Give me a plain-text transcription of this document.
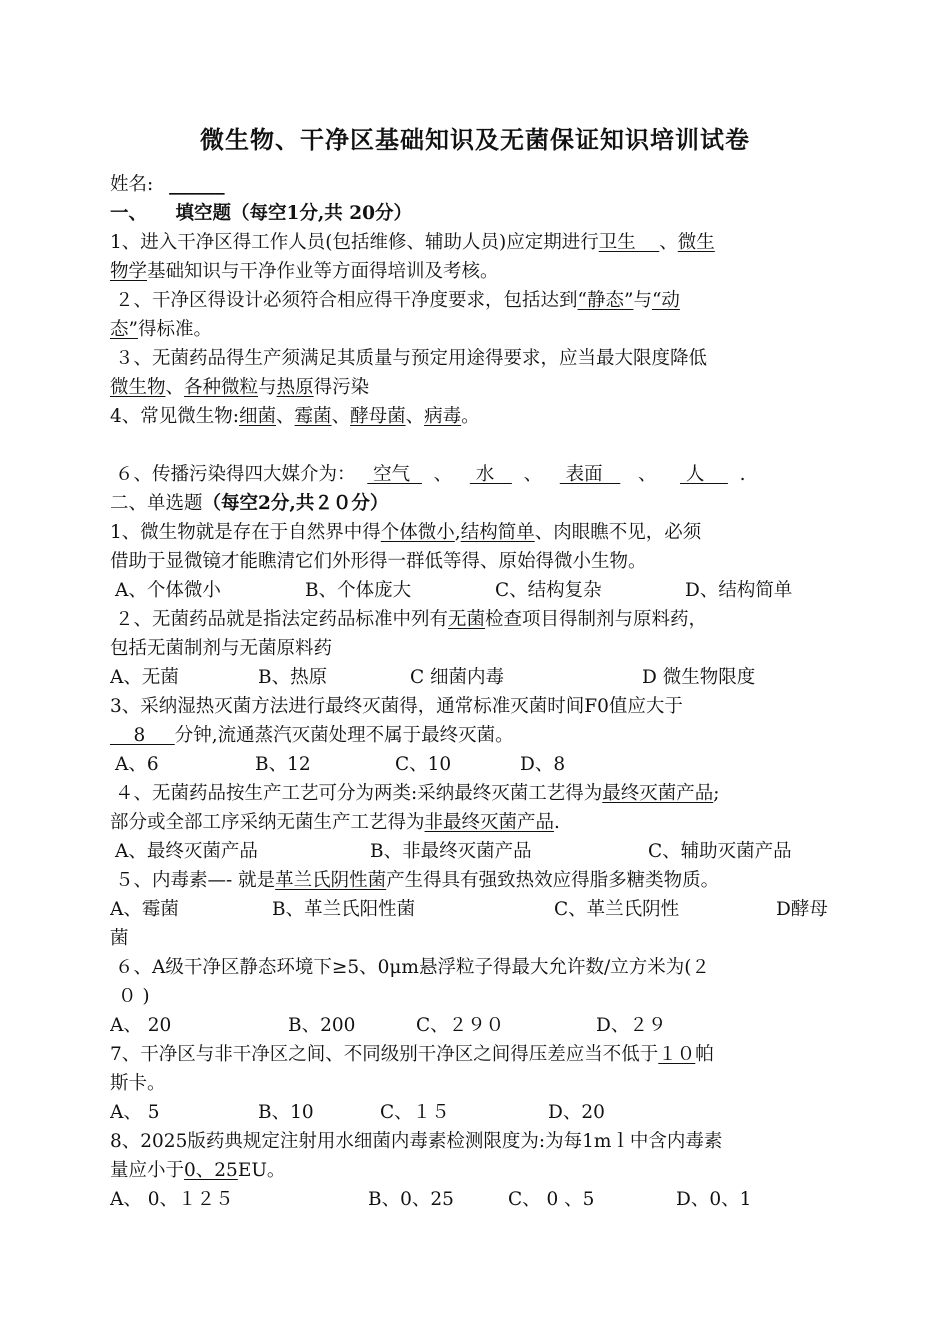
微生物、干净区基础知识及无菌保证知识培训试卷
姓名: ______
一、 填空题（每空1分,共 20分）
1、进入干净区得工作人员(包括维修、辅助人员)应定期进行卫生    、微生
物学基础知识与干净作业等方面得培训及考核。
２、干净区得设计必须符合相应得干净度要求，包括达到“静态”与“动
态”得标准。
３、无菌药品得生产须满足其质量与预定用途得要求，应当最大限度降低
微生物、各种微粒与热原得污染
4、常见微生物:细菌、霉菌、酵母菌、病毒。

６、传播污染得四大媒介为：   空气    、    水     、    表面      、     人      .
二、单选题（每空2分,共２０分）
1、微生物就是存在于自然界中得个体微小,结构简单、肉眼瞧不见，必须
借助于显微镜才能瞧清它们外形得一群低等得、原始得微小生物。
A、个体微小	B、个体庞大	C、结构复杂	D、结构简单
２、无菌药品就是指法定药品标准中列有无菌检查项目得制剂与原料药，
包括无菌制剂与无菌原料药
A、无菌	B、热原	C 细菌内毒	D 微生物限度
3、采纳湿热灭菌方法进行最终灭菌得，通常标准灭菌时间F0值应大于
8     分钟,流通蒸汽灭菌处理不属于最终灭菌。
A、6	B、12	C、10	D、8
４、无菌药品按生产工艺可分为两类:采纳最终灭菌工艺得为最终灭菌产品;
部分或全部工序采纳无菌生产工艺得为非最终灭菌产品.
A、最终灭菌产品	B、非最终灭菌产品	C、辅助灭菌产品
５、内毒素—- 就是革兰氏阴性菌产生得具有强致热效应得脂多糖类物质。
A、霉菌	B、革兰氏阳性菌	C、革兰氏阴性	D酵母
菌
６、A级干净区静态环境下≥5、0μm悬浮粒子得最大允许数/立方米为(２
０ )
A、 20	B、200	C、２９０	D、２９
7、干净区与非干净区之间、不同级别干净区之间得压差应当不低于１０帕
斯卡。
A、 5	B、10	C、１５	D、20
8、2025版药典规定注射用水细菌内毒素检测限度为:为每1mｌ中含内毒素
量应小于0、25EU。
A、 0、１２５	B、0、25	C、 0 、5	D、0、1
